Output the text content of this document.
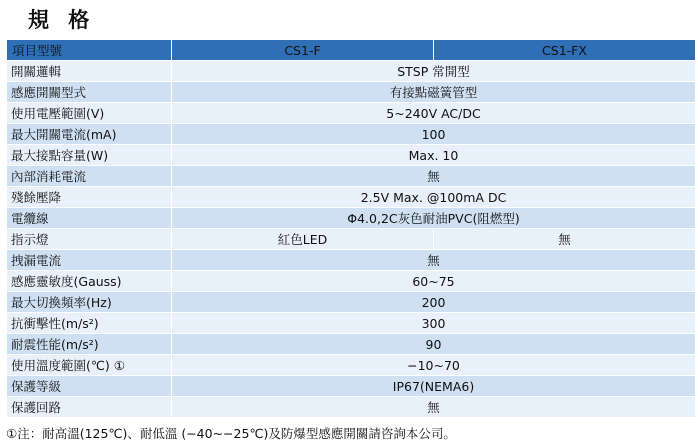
規 格
項目型號	CS1-F	CS1-FX
開關邏輯	STSP 常開型	
感應開關型式	有接點磁簧管型	
使用電壓範圍(V)	5~240V AC/DC	
最大開關電流(mA)	100	
最大接點容量(W)	Max. 10	
內部消耗電流	無	
殘餘壓降	2.5V Max. @100mA DC	
電纜線	Φ4.0,2C灰色耐油PVC(阻燃型)	
指示燈	紅色LED	無
拽漏電流	無	
感應靈敏度(Gauss)	60~75	
最大切換頻率(Hz)	200	
抗衝擊性(m/s²)	300	
耐震性能(m/s²)	90	
使用溫度範圍(℃) ①	−10~70	
保護等級	IP67(NEMA6)	
保護回路	無	
①注：耐高溫(125℃)、耐低溫 (−40~−25℃)及防爆型感應開關請咨詢本公司。
